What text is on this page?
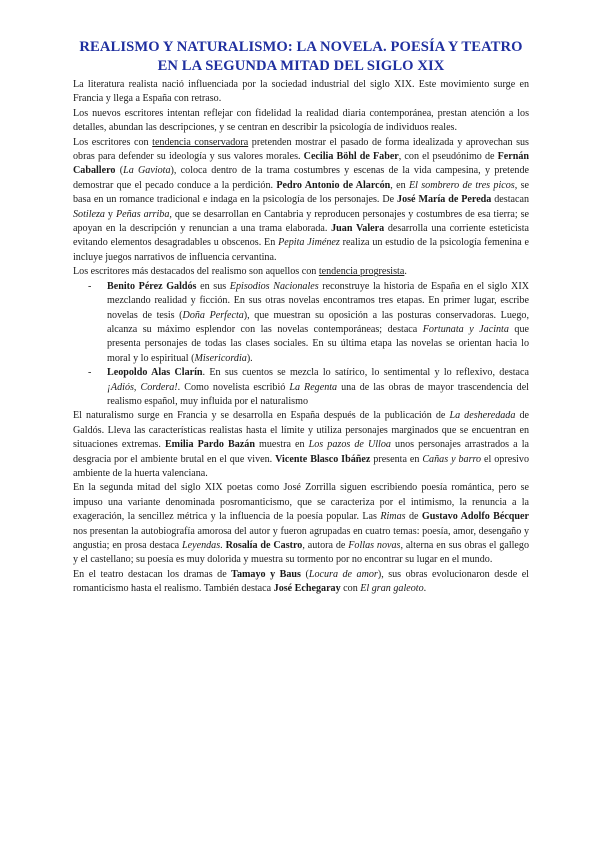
REALISMO Y NATURALISMO: LA NOVELA. POESÍA Y TEATRO EN LA SEGUNDA MITAD DEL SIGLO XIX

La literatura realista nació influenciada por la sociedad industrial del siglo XIX. Este movimiento surge en Francia y llega a España con retraso.

Los nuevos escritores intentan reflejar con fidelidad la realidad diaria contemporánea, prestan atención a los detalles, abundan las descripciones, y se centran en describir la psicología de individuos reales.

Los escritores con tendencia conservadora pretenden mostrar el pasado de forma idealizada y aprovechan sus obras para defender su ideología y sus valores morales. Cecilia Böhl de Faber, con el pseudónimo de Fernán Caballero (La Gaviota), coloca dentro de la trama costumbres y escenas de la vida campesina, y pretende demostrar que el pecado conduce a la perdición. Pedro Antonio de Alarcón, en El sombrero de tres picos, se basa en un romance tradicional e indaga en la psicología de los personajes. De José María de Pereda destacan Sotileza y Peñas arriba, que se desarrollan en Cantabria y reproducen personajes y costumbres de esa tierra; se apoyan en la descripción y renuncian a una trama elaborada. Juan Valera desarrolla una corriente esteticista evitando elementos desagradables u obscenos. En Pepita Jiménez realiza un estudio de la psicología femenina e incluye juegos narrativos de influencia cervantina.

Los escritores más destacados del realismo son aquellos con tendencia progresista.

- Benito Pérez Galdós en sus Episodios Nacionales reconstruye la historia de España en el siglo XIX mezclando realidad y ficción. En sus otras novelas encontramos tres etapas. En primer lugar, escribe novelas de tesis (Doña Perfecta), que muestran su oposición a las posturas conservadoras. Luego, alcanza su máximo esplendor con las novelas contemporáneas; destaca Fortunata y Jacinta que presenta personajes de todas las clases sociales. En su última etapa las novelas se orientan hacia lo moral y lo espiritual (Misericordia).
- Leopoldo Alas Clarín. En sus cuentos se mezcla lo satírico, lo sentimental y lo reflexivo, destaca ¡Adiós, Cordera!. Como novelista escribió La Regenta una de las obras de mayor trascendencia del realismo español, muy influida por el naturalismo

El naturalismo surge en Francia y se desarrolla en España después de la publicación de La desheredada de Galdós. Lleva las características realistas hasta el límite y utiliza personajes marginados que se encuentran en situaciones extremas. Emilia Pardo Bazán muestra en Los pazos de Ulloa unos personajes arrastrados a la desgracia por el ambiente brutal en el que viven. Vicente Blasco Ibáñez presenta en Cañas y barro el opresivo ambiente de la huerta valenciana.

En la segunda mitad del siglo XIX poetas como José Zorrilla siguen escribiendo poesía romántica, pero se impuso una variante denominada posromanticismo, que se caracteriza por el intimismo, la renuncia a la exageración, la sencillez métrica y la influencia de la poesía popular. Las Rimas de Gustavo Adolfo Bécquer nos presentan la autobiografía amorosa del autor y fueron agrupadas en cuatro temas: poesía, amor, desengaño y angustia; en prosa destaca Leyendas. Rosalía de Castro, autora de Follas novas, alterna en sus obras el gallego y el castellano; su poesía es muy dolorida y muestra su tormento por no encontrar su lugar en el mundo.

En el teatro destacan los dramas de Tamayo y Baus (Locura de amor), sus obras evolucionaron desde el romanticismo hasta el realismo. También destaca José Echegaray con El gran galeoto.
